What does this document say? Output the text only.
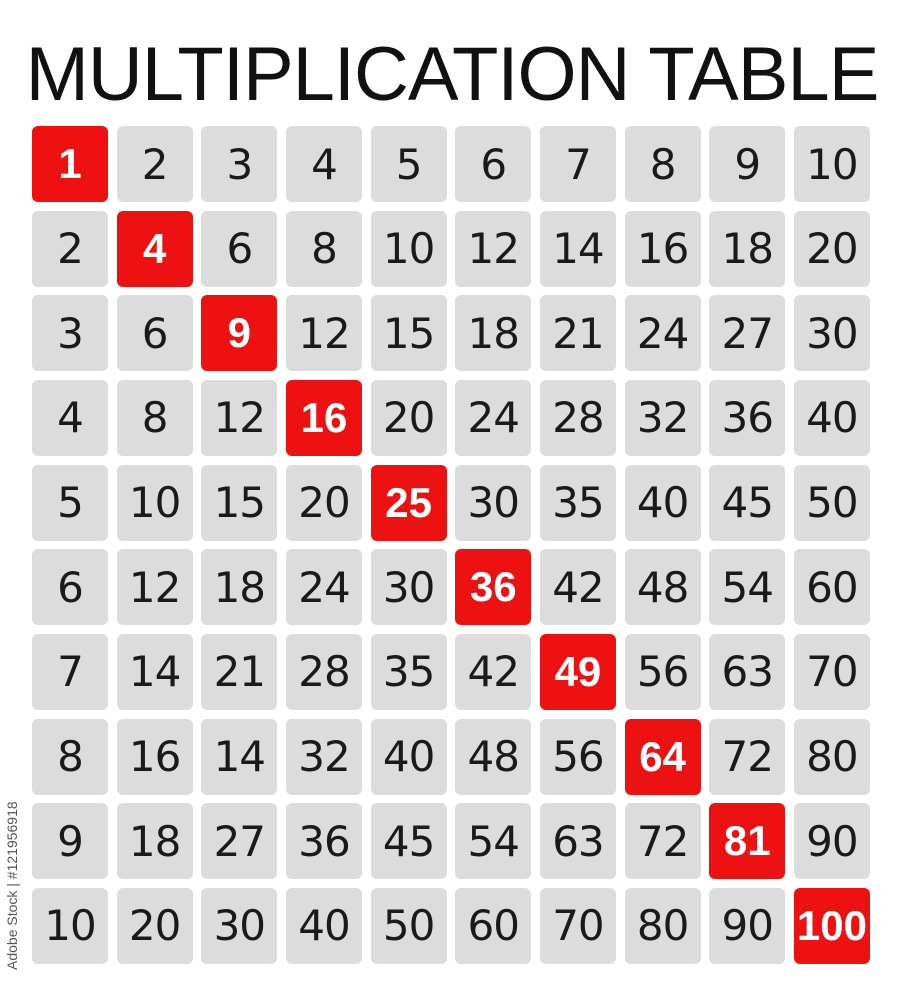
MULTIPLICATION TABLE
1	2	3	4	5	6	7	8	9	10
2	4	6	8	10 12 14 16 18 20
3	6	9	12 15 18 21 24 27 30
4	8	12 16 20 24 28 32 36 40
5	10 15 20 25 30 35 40 45 50
6	12 18 24 30 36 42 48 54 60
7	14 21 28 35 42 49 56 63 70
8	16 14 32 40 48 56 64 72 80
9	18 27 36 45 54 63 72 81 90
10 20 30 40 50 60 70 80 90 100
Adobe Stock | #121956918
